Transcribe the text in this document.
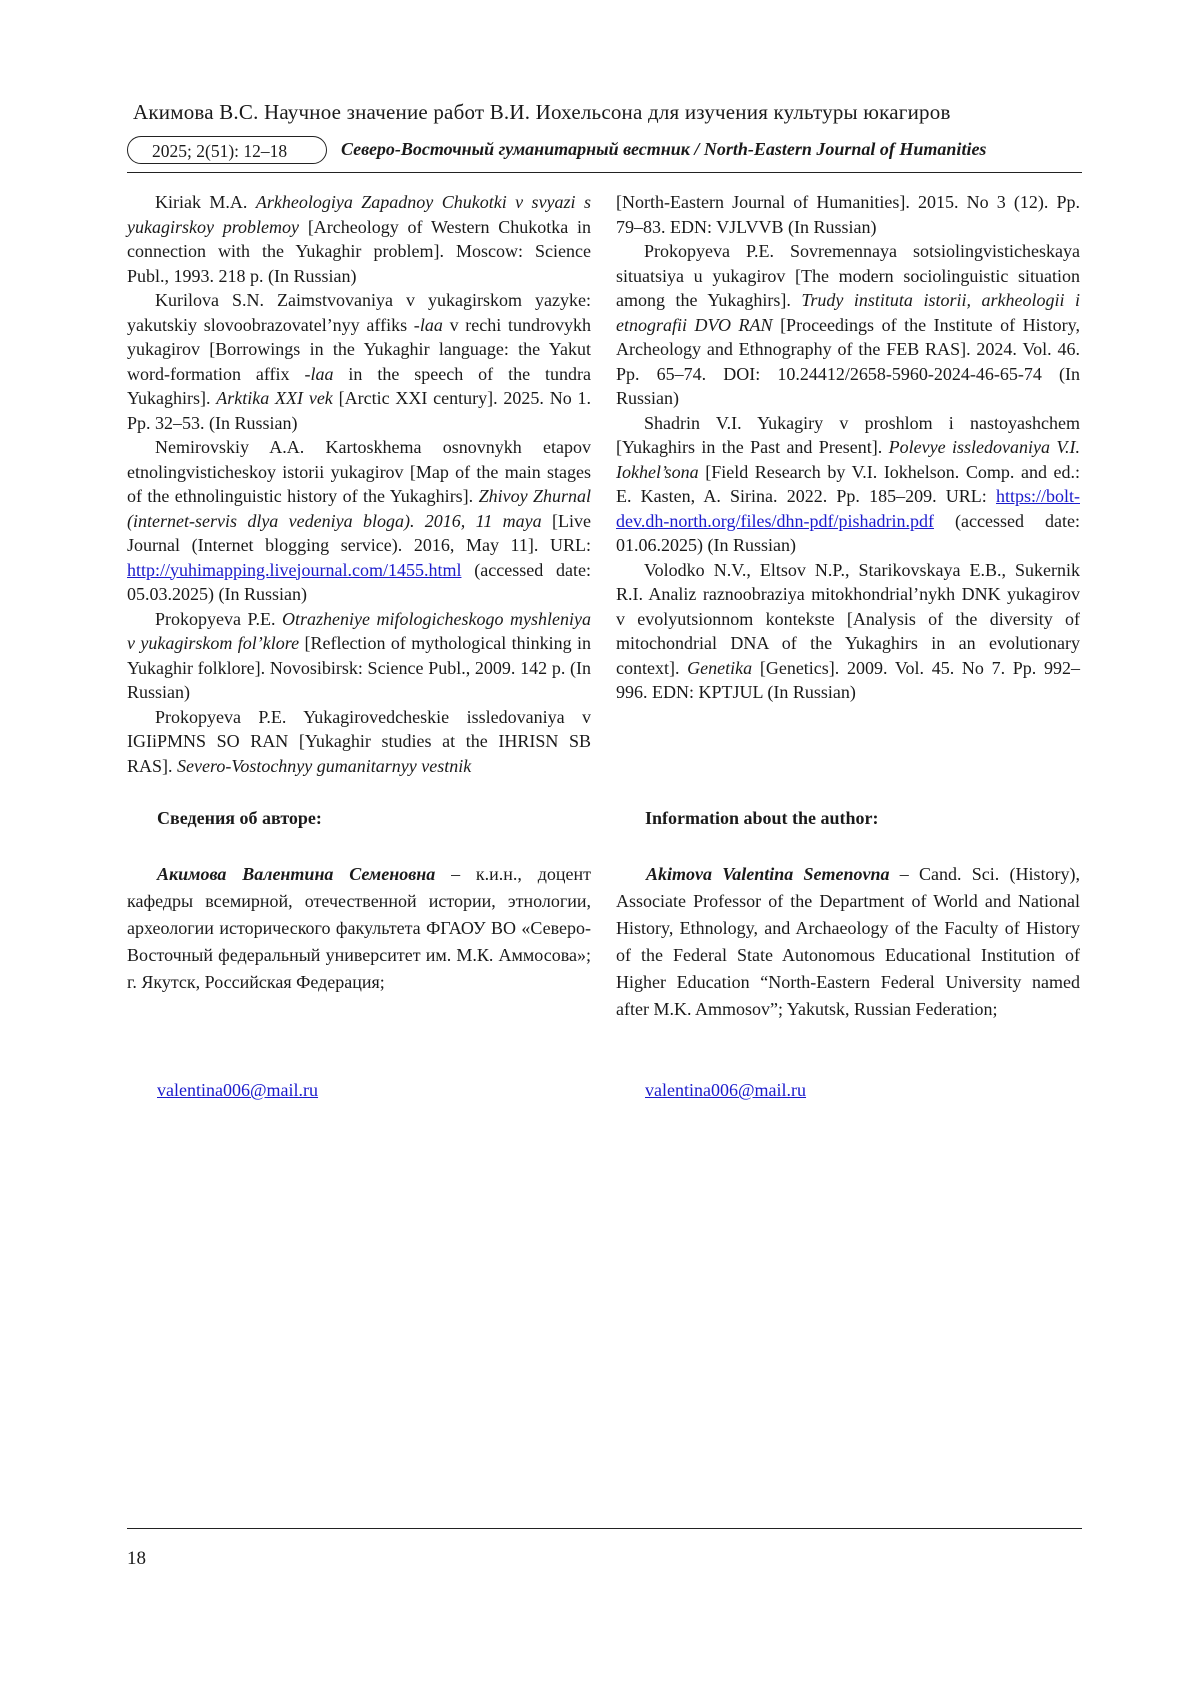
Акимова В.С. Научное значение работ В.И. Иохельсона для изучения культуры юкагиров
2025; 2(51): 12–18	Северо-Восточный гуманитарный вестник / North-Eastern Journal of Humanities

Kiriak M.A. Arkheologiya Zapadnoy Chukotki v svyazi s yukagirskoy problemoy [Archeology of Western Chukotka in connection with the Yukaghir problem]. Moscow: Science Publ., 1993. 218 p. (In Russian)

Kurilova S.N. Zaimstvovaniya v yukagirskom yazyke: yakutskiy slovoobrazovatel’nyy affiks -laa v rechi tundrovykh yukagirov [Borrowings in the Yukaghir language: the Yakut word-formation affix -laa in the speech of the tundra Yukaghirs]. Arktika XXI vek [Arctic XXI century]. 2025. No 1. Pp. 32–53. (In Russian)

Nemirovskiy A.A. Kartoskhema osnovnykh etapov etnolingvisticheskoy istorii yukagirov [Map of the main stages of the ethnolinguistic history of the Yukaghirs]. Zhivoy Zhurnal (internet-servis dlya vedeniya bloga). 2016, 11 maya [Live Journal (Internet blogging service). 2016, May 11]. URL: http://yuhimapping.livejournal.com/1455.html (accessed date: 05.03.2025) (In Russian)

Prokopyeva P.E. Otrazheniye mifologicheskogo myshleniya v yukagirskom fol’klore [Reflection of mythological thinking in Yukaghir folklore]. Novosibirsk: Science Publ., 2009. 142 p. (In Russian)

Prokopyeva P.E. Yukagirovedcheskie issledovaniya v IGIiPMNS SO RAN [Yukaghir studies at the IHRISN SB RAS]. Severo-Vostochnyy gumanitarnyy vestnik

[North-Eastern Journal of Humanities]. 2015. No 3 (12). Pp. 79–83. EDN: VJLVVB (In Russian)

Prokopyeva P.E. Sovremennaya sotsiolingvisticheskaya situatsiya u yukagirov [The modern sociolinguistic situation among the Yukaghirs]. Trudy instituta istorii, arkheologii i etnografii DVO RAN [Proceedings of the Institute of History, Archeology and Ethnography of the FEB RAS]. 2024. Vol. 46. Pp. 65–74. DOI: 10.24412/2658-5960-2024-46-65-74 (In Russian)

Shadrin V.I. Yukagiry v proshlom i nastoyashchem [Yukaghirs in the Past and Present]. Polevye issledovaniya V.I. Iokhel’sona [Field Research by V.I. Iokhelson. Comp. and ed.: E. Kasten, A. Sirina. 2022. Pp. 185–209. URL: https://bolt-dev.dh-north.org/files/dhn-pdf/pishadrin.pdf (accessed date: 01.06.2025) (In Russian)

Volodko N.V., Eltsov N.P., Starikovskaya E.B., Sukernik R.I. Analiz raznoobraziya mitokhondrial’nykh DNK yukagirov v evolyutsionnom kontekste [Analysis of the diversity of mitochondrial DNA of the Yukaghirs in an evolutionary context]. Genetika [Genetics]. 2009. Vol. 45. No 7. Pp. 992–996. EDN: KPTJUL (In Russian)

Сведения об авторе:	Information about the author:
Акимова Валентина Семеновна – к.и.н., доцент кафедры всемирной, отечественной истории, этнологии, археологии исторического факультета ФГАОУ ВО «Северо-Восточный федеральный университет им. М.К. Аммосова»; г. Якутск, Российская Федерация;
Akimova Valentina Semenovna – Cand. Sci. (History), Associate Professor of the Department of World and National History, Ethnology, and Archaeology of the Faculty of History of the Federal State Autonomous Educational Institution of Higher Education “North-Eastern Federal University named after M.K. Ammosov”; Yakutsk, Russian Federation;
valentina006@mail.ru	valentina006@mail.ru
18
